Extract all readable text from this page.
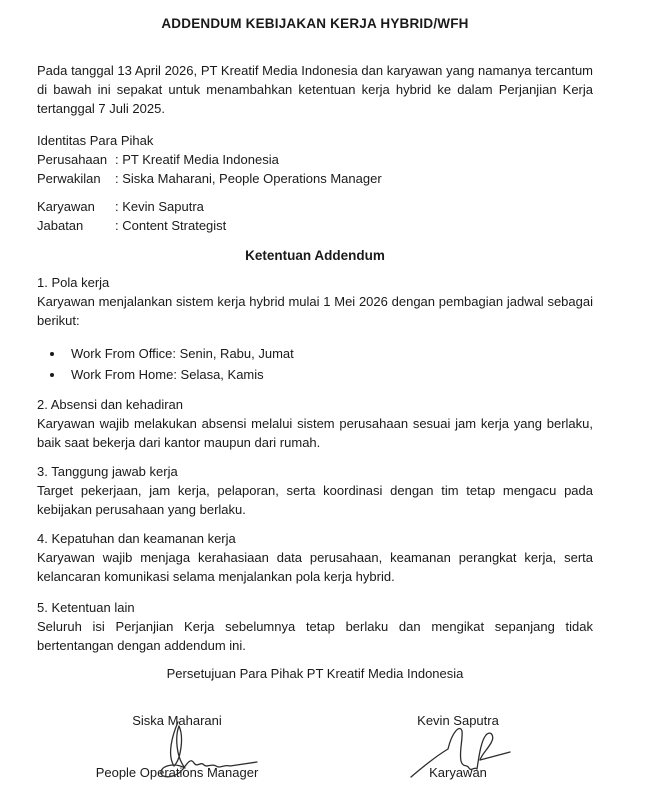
ADDENDUM KEBIJAKAN KERJA HYBRID/WFH

Pada tanggal 13 April 2026, PT Kreatif Media Indonesia dan karyawan yang namanya tercantum di bawah ini sepakat untuk menambahkan ketentuan kerja hybrid ke dalam Perjanjian Kerja tertanggal 7 Juli 2025.

Identitas Para Pihak
Perusahaan : PT Kreatif Media Indonesia
Perwakilan : Siska Maharani, People Operations Manager
Karyawan : Kevin Saputra
Jabatan	: Content Strategist
Ketentuan Addendum
1. Pola kerja

Karyawan menjalankan sistem kerja hybrid mulai 1 Mei 2026 dengan pembagian jadwal sebagai berikut:

• Work From Office: Senin, Rabu, Jumat
• Work From Home: Selasa, Kamis
2. Absensi dan kehadiran

Karyawan wajib melakukan absensi melalui sistem perusahaan sesuai jam kerja yang berlaku, baik saat bekerja dari kantor maupun dari rumah.

3. Tanggung jawab kerja

Target pekerjaan, jam kerja, pelaporan, serta koordinasi dengan tim tetap mengacu pada kebijakan perusahaan yang berlaku.

4. Kepatuhan dan keamanan kerja

Karyawan wajib menjaga kerahasiaan data perusahaan, keamanan perangkat kerja, serta kelancaran komunikasi selama menjalankan pola kerja hybrid.

5. Ketentuan lain

Seluruh isi Perjanjian Kerja sebelumnya tetap berlaku dan mengikat sepanjang tidak bertentangan dengan addendum ini.

Persetujuan Para Pihak PT Kreatif Media Indonesia
Siska Maharani
People Operations Manager
Kevin Saputra
Karyawan
